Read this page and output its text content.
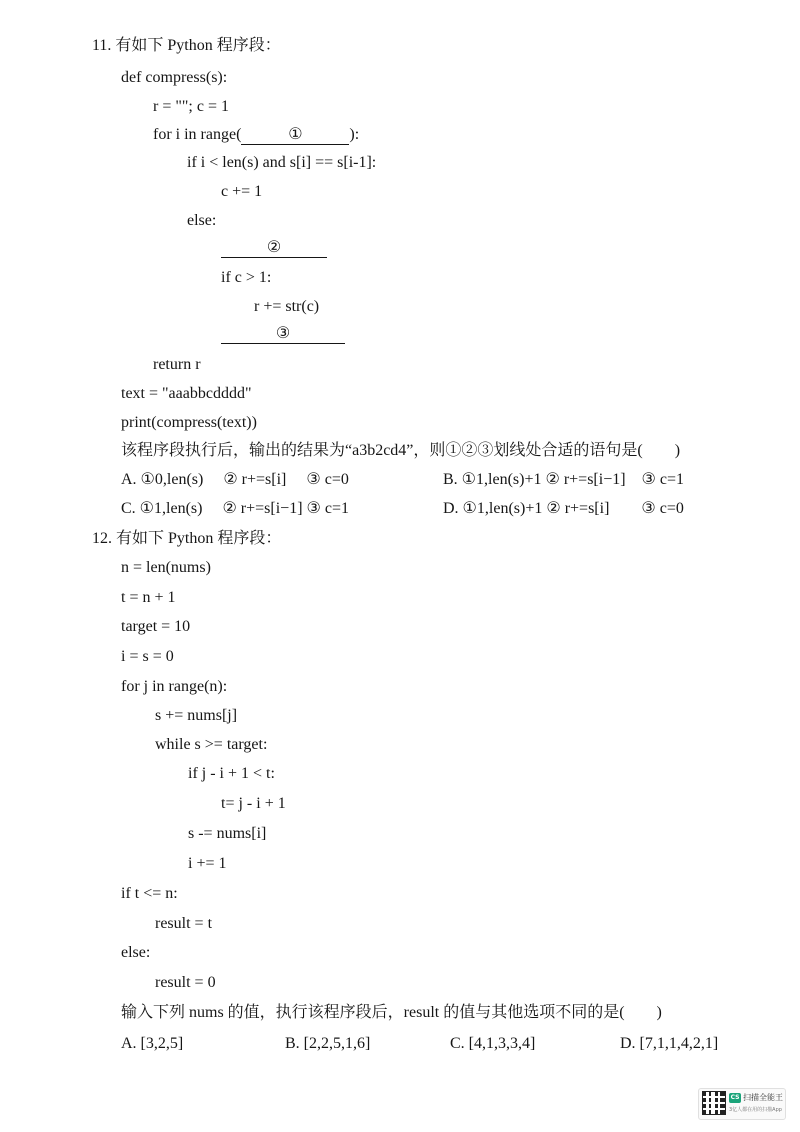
11. 有如下 Python 程序段：
def compress(s):
r = ""; c = 1
for i in range(	①	):
if i < len(s) and s[i] == s[i-1]:
c += 1
else:
②
if c > 1:
r += str(c)
③
return r
text = "aaabbcdddd"
print(compress(text))
该程序段执行后，输出的结果为“a3b2cd4”，则①②③划线处合适的语句是(　　)
A. ①0,len(s)　 ② r+=s[i]　 ③ c=0	B. ①1,len(s)+1 ② r+=s[i−1]　③ c=1
C. ①1,len(s)　 ② r+=s[i−1] ③ c=1	D. ①1,len(s)+1 ② r+=s[i]　　③ c=0
12. 有如下 Python 程序段：
n = len(nums)
t = n + 1
target = 10
i = s = 0
for j in range(n):
s += nums[j]
while s >= target:
if j - i + 1 < t:
t= j - i + 1
s -= nums[i]
i += 1
if t <= n:
result = t
else:
result = 0
输入下列 nums 的值，执行该程序段后，result 的值与其他选项不同的是(　　)
A. [3,2,5]	B. [2,2,5,1,6]	C. [4,1,3,3,4]	D. [7,1,1,4,2,1]
CS 扫描全能王
3亿人都在用的扫描App
